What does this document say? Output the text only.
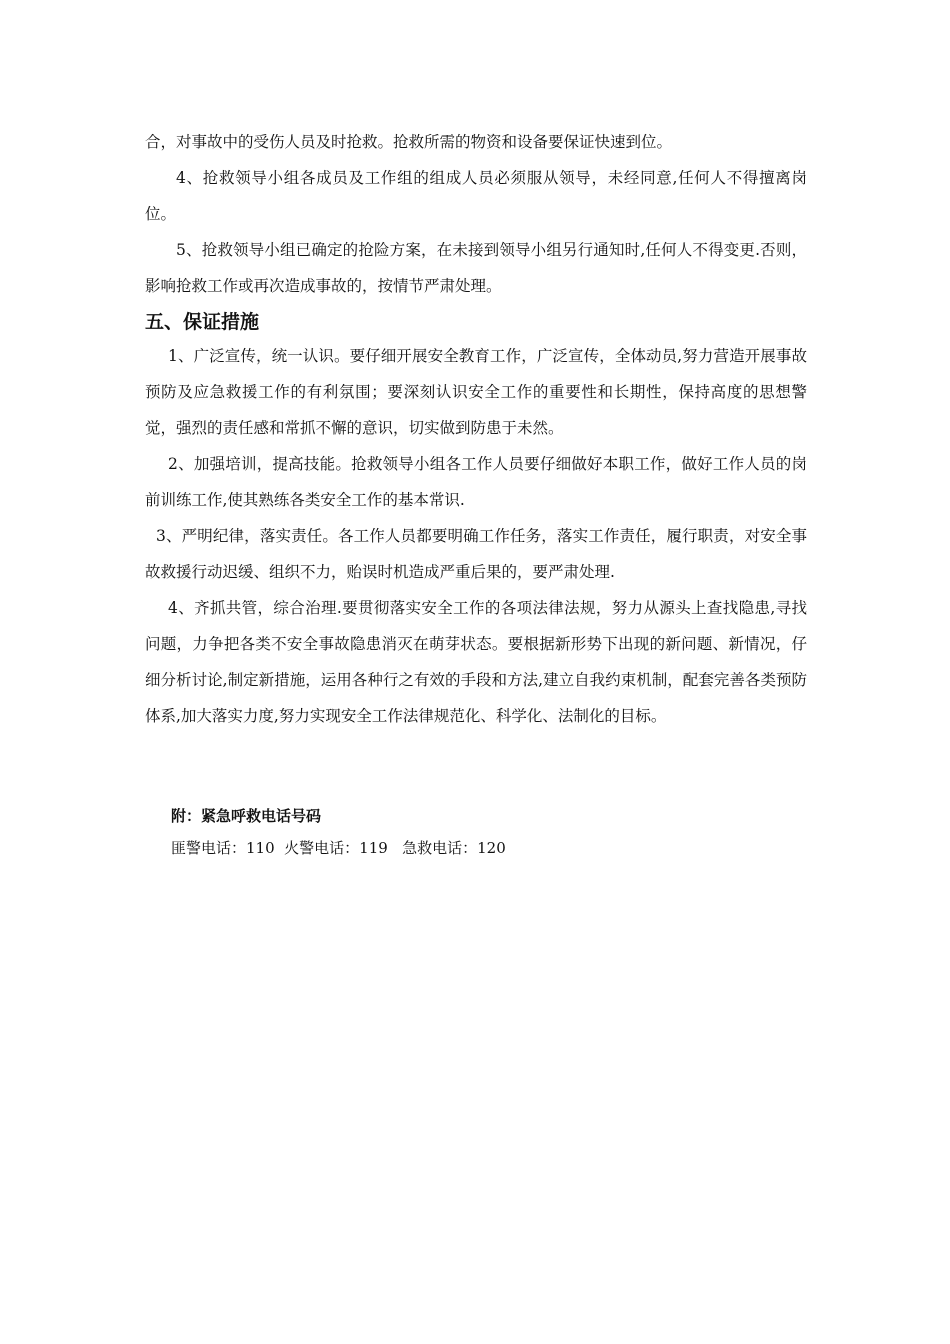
合，对事故中的受伤人员及时抢救。抢救所需的物资和设备要保证快速到位。

4、抢救领导小组各成员及工作组的组成人员必须服从领导，未经同意,任何人不得擅离岗位。

5、抢救领导小组已确定的抢险方案，在未接到领导小组另行通知时,任何人不得变更.否则，影响抢救工作或再次造成事故的，按情节严肃处理。

五、保证措施

1、广泛宣传，统一认识。要仔细开展安全教育工作，广泛宣传，全体动员,努力营造开展事故预防及应急救援工作的有利氛围；要深刻认识安全工作的重要性和长期性，保持高度的思想警觉，强烈的责任感和常抓不懈的意识，切实做到防患于未然。

2、加强培训，提高技能。抢救领导小组各工作人员要仔细做好本职工作，做好工作人员的岗前训练工作,使其熟练各类安全工作的基本常识.

3、严明纪律，落实责任。各工作人员都要明确工作任务，落实工作责任，履行职责，对安全事故救援行动迟缓、组织不力，贻误时机造成严重后果的，要严肃处理.

4、齐抓共管，综合治理.要贯彻落实安全工作的各项法律法规，努力从源头上查找隐患,寻找问题，力争把各类不安全事故隐患消灭在萌芽状态。要根据新形势下出现的新问题、新情况，仔细分析讨论,制定新措施，运用各种行之有效的手段和方法,建立自我约束机制，配套完善各类预防体系,加大落实力度,努力实现安全工作法律规范化、科学化、法制化的目标。

附：紧急呼救电话号码

匪警电话：110  火警电话：119   急救电话：120
